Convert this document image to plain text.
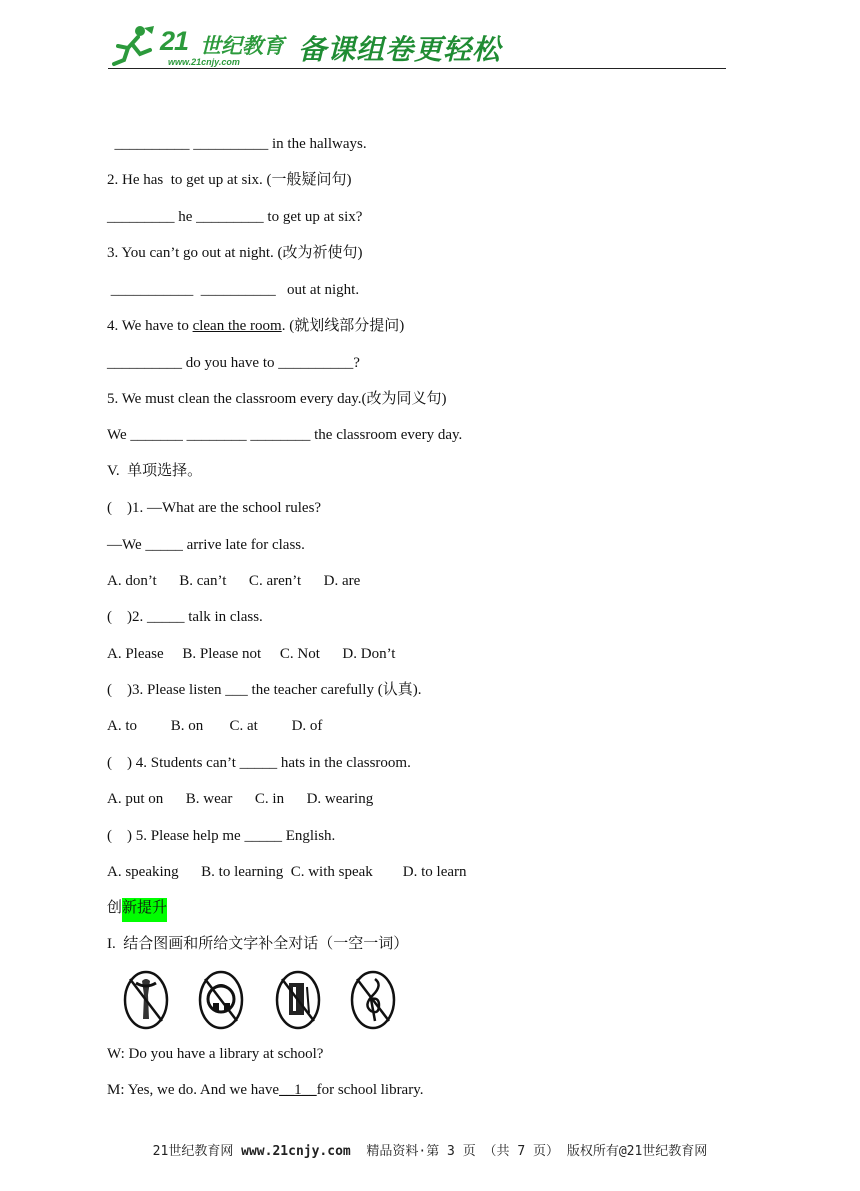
21 世纪教育
www.21cnjy.com 备课组卷更轻松
__________ __________ in the hallways.
2. He has  to get up at six. (一般疑问句)
_________ he _________ to get up at six?
3. You can’t go out at night. (改为祈使句)
___________  __________   out at night.
4. We have to clean the room. (就划线部分提问)
__________ do you have to __________?
5. We must clean the classroom every day.(改为同义句)
We _______ ________ ________ the classroom every day.
V.  单项选择。
(    )1. —What are the school rules?
—We _____ arrive late for class.
A. don’t      B. can’t      C. aren’t      D. are
(    )2. _____ talk in class.
A. Please     B. Please not     C. Not      D. Don’t
(    )3. Please listen ___ the teacher carefully (认真).
A. to         B. on       C. at         D. of
(    ) 4. Students can’t _____ hats in the classroom.
A. put on      B. wear      C. in      D. wearing
(    ) 5. Please help me _____ English.
A. speaking      B. to learning  C. with speak        D. to learn
创新提升
I.  结合图画和所给文字补全对话（一空一词）
W: Do you have a library at school?
M: Yes, we do. And we have__1__for school library.
21世纪教育网 www.21cnjy.com  精品资料·第 3 页 （共 7 页） 版权所有@21世纪教育网
